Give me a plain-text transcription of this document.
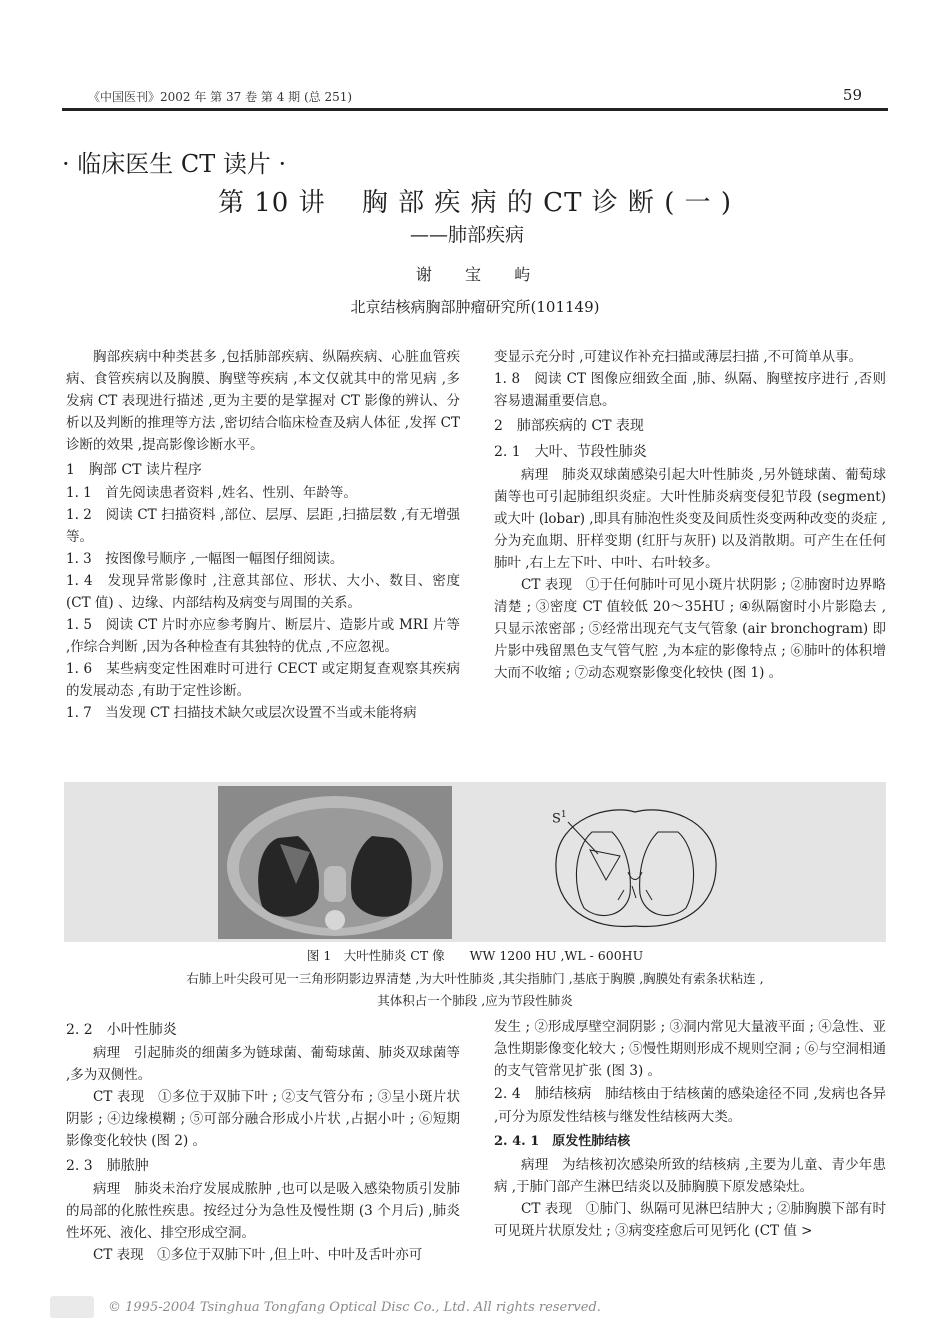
《中国医刊》2002 年 第 37 卷 第 4 期 (总 251)	59
· 临床医生 CT 读片 ·
第 10 讲　 胸 部 疾 病 的 CT 诊 断 ( 一 )
——肺部疾病
谢　 宝　 屿
北京结核病胸部肿瘤研究所(101149)

胸部疾病中种类甚多 ,包括肺部疾病、纵隔疾病、心脏血管疾病、食管疾病以及胸膜、胸壁等疾病 ,本文仅就其中的常见病 ,多发病 CT 表现进行描述 ,更为主要的是掌握对 CT 影像的辨认、分析以及判断的推理等方法 ,密切结合临床检查及病人体征 ,发挥 CT 诊断的效果 ,提高影像诊断水平。

1　胸部 CT 读片程序

1. 1　首先阅读患者资料 ,姓名、性别、年龄等。

1. 2　阅读 CT 扫描资料 ,部位、层厚、层距 ,扫描层数 ,有无增强等。

1. 3　按图像号顺序 ,一幅图一幅图仔细阅读。

1. 4　发现异常影像时 ,注意其部位、形状、大小、数目、密度 (CT 值) 、边缘、内部结构及病变与周围的关系。

1. 5　阅读 CT 片时亦应参考胸片、断层片、造影片或 MRI 片等 ,作综合判断 ,因为各种检查有其独特的优点 ,不应忽视。

1. 6　某些病变定性困难时可进行 CECT 或定期复查观察其疾病的发展动态 ,有助于定性诊断。

1. 7　当发现 CT 扫描技术缺欠或层次设置不当或未能将病

变显示充分时 ,可建议作补充扫描或薄层扫描 ,不可简单从事。

1. 8　阅读 CT 图像应细致全面 ,肺、纵隔、胸壁按序进行 ,否则容易遗漏重要信息。

2　肺部疾病的 CT 表现

2. 1　大叶、节段性肺炎

病理　肺炎双球菌感染引起大叶性肺炎 ,另外链球菌、葡萄球菌等也可引起肺组织炎症。大叶性肺炎病变侵犯节段 (segment) 或大叶 (lobar) ,即具有肺泡性炎变及间质性炎变两种改变的炎症 ,分为充血期、肝样变期 (红肝与灰肝) 以及消散期。可产生在任何肺叶 ,右上左下叶、中叶、右叶较多。

CT 表现　①于任何肺叶可见小斑片状阴影 ; ②肺窗时边界略清楚 ; ③密度 CT 值较低 20～35HU ; ④纵隔窗时小片影隐去 ,只显示浓密部 ; ⑤经常出现充气支气管象 (air bronchogram) 即片影中残留黑色支气管气腔 ,为本症的影像特点 ; ⑥肺叶的体积增大而不收缩 ; ⑦动态观察影像变化较快 (图 1) 。

$S^1$
图 1　大叶性肺炎 CT 像　　WW 1200 HU ,WL - 600HU
右肺上叶尖段可见一三角形阴影边界清楚 ,为大叶性肺炎 ,其尖指肺门 ,基底于胸膜 ,胸膜处有索条状粘连 ,
其体积占一个肺段 ,应为节段性肺炎

2. 2　小叶性肺炎

病理　引起肺炎的细菌多为链球菌、葡萄球菌、肺炎双球菌等 ,多为双侧性。

CT 表现　①多位于双肺下叶 ; ②支气管分布 ; ③呈小斑片状阴影 ; ④边缘模糊 ; ⑤可部分融合形成小片状 ,占据小叶 ; ⑥短期影像变化较快 (图 2) 。

2. 3　肺脓肿

病理　肺炎未治疗发展成脓肿 ,也可以是吸入感染物质引发肺的局部的化脓性疾患。按经过分为急性及慢性期 (3 个月后) ,肺炎性坏死、液化、排空形成空洞。

CT 表现　①多位于双肺下叶 ,但上叶、中叶及舌叶亦可

发生 ; ②形成厚壁空洞阴影 ; ③洞内常见大量液平面 ; ④急性、亚急性期影像变化较大 ; ⑤慢性期则形成不规则空洞 ; ⑥与空洞相通的支气管常见扩张 (图 3) 。

2. 4　肺结核病　 肺结核由于结核菌的感染途径不同 ,发病也各异 ,可分为原发性结核与继发性结核两大类。

2. 4. 1　原发性肺结核

病理　为结核初次感染所致的结核病 ,主要为儿童、青少年患病 ,于肺门部产生淋巴结炎以及肺胸膜下原发感染灶。

CT 表现　①肺门、纵隔可见淋巴结肿大 ; ②肺胸膜下部有时可见斑片状原发灶 ; ③病变痊愈后可见钙化 (CT 值 >

© 1995-2004 Tsinghua Tongfang Optical Disc Co., Ltd. All rights reserved.
